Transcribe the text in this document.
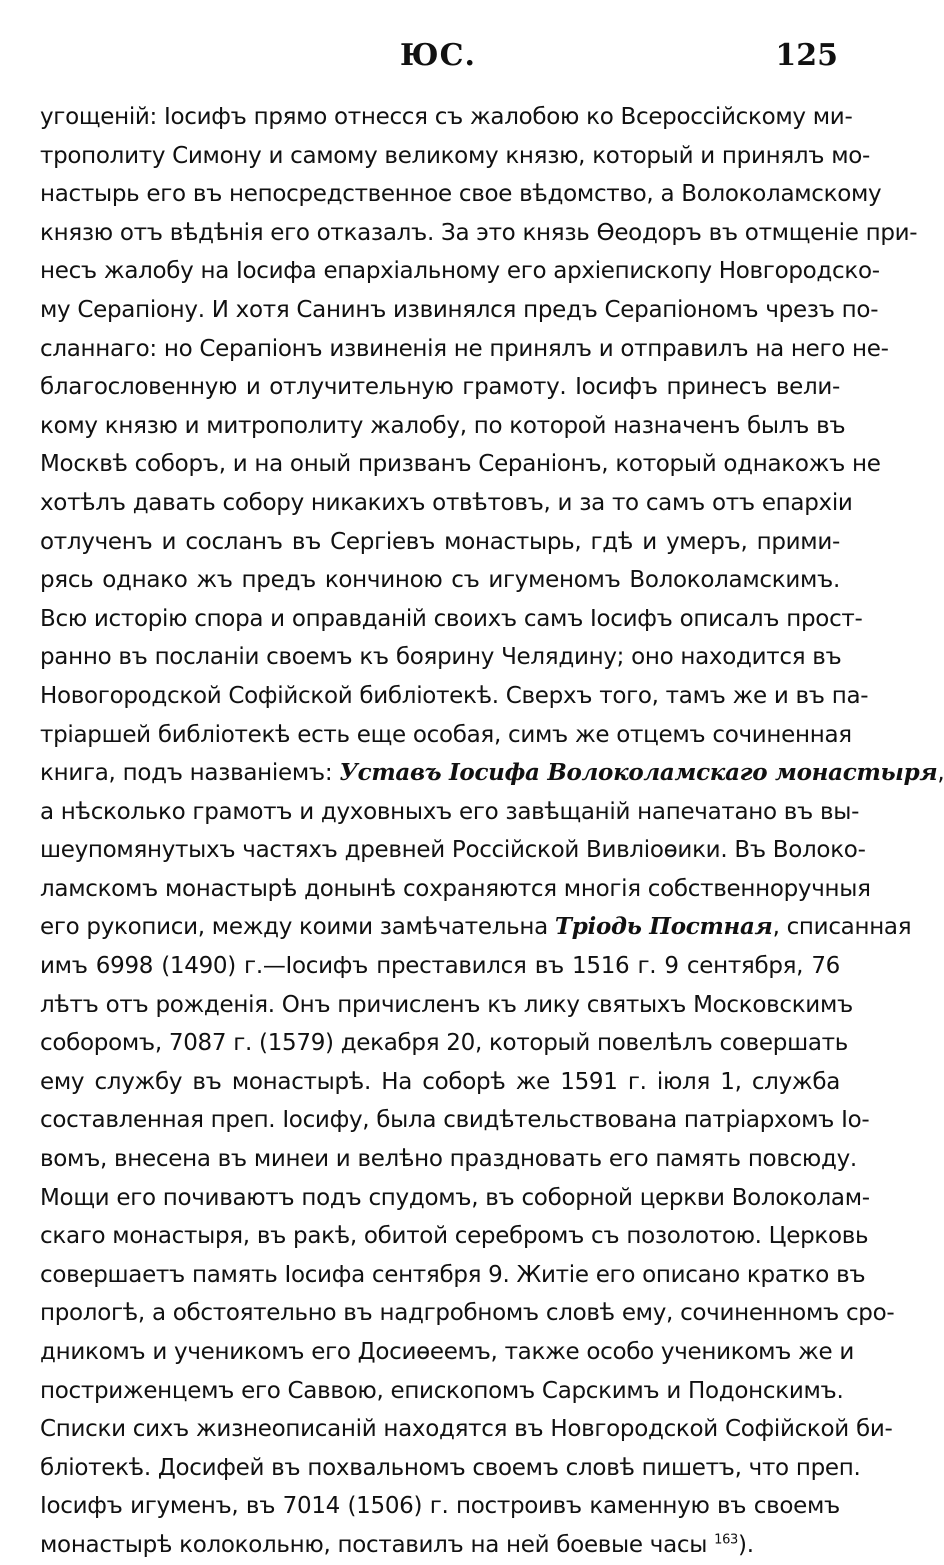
ЮС.	125
угощеній: Іосифъ прямо отнесся съ жалобою ко Всероссійскому ми-
трополиту Симону и самому великому князю, который и принялъ мо-
настырь его въ непосредственное свое вѣдомство, а Волоколамскому
князю отъ вѣдѣнія его отказалъ. За это князь Ѳеодоръ въ отмщеніе при-
несъ жалобу на Іосифа епархіальному его архіепископу Новгородско-
му Серапіону. И хотя Санинъ извинялся предъ Серапіономъ чрезъ по-
сланнаго: но Серапіонъ извиненія не принялъ и отправилъ на него не-
благословенную и отлучительную грамоту. Іосифъ принесъ вели-
кому князю и митрополиту жалобу, по которой назначенъ былъ въ
Москвѣ соборъ, и на оный призванъ Сераніонъ, который однакожъ не
хотѣлъ давать собору никакихъ отвѣтовъ, и за то самъ отъ епархіи
отлученъ и сосланъ въ Сергіевъ монастырь, гдѣ и умеръ, прими-
рясь однако жъ предъ кончиною съ игуменомъ Волоколамскимъ.
Всю исторію спора и оправданій своихъ самъ Іосифъ описалъ прост-
ранно въ посланіи своемъ къ боярину Челядину; оно находится въ
Новогородской Софійской библіотекѣ. Сверхъ того, тамъ же и въ па-
тріаршей библіотекѣ есть еще особая, симъ же отцемъ сочиненная
книга, подъ названіемъ: Уставъ Іосифа Волоколамскаго монастыря,
а нѣсколько грамотъ и духовныхъ его завѣщаній напечатано въ вы-
шеупомянутыхъ частяхъ древней Россійской Вивліоѳики. Въ Волоко-
ламскомъ монастырѣ донынѣ сохраняются многія собственноручныя
его рукописи, между коими замѣчательна Тріодь Постная, списанная
имъ 6998 (1490) г.—Іосифъ преставился въ 1516 г. 9 сентября, 76
лѣтъ отъ рожденія. Онъ причисленъ къ лику святыхъ Московскимъ
соборомъ, 7087 г. (1579) декабря 20, который повелѣлъ совершать
ему службу въ монастырѣ. На соборѣ же 1591 г. іюля 1, служба
составленная преп. Іосифу, была свидѣтельствована патріархомъ Іо-
вомъ, внесена въ минеи и велѣно праздновать его память повсюду.
Мощи его почиваютъ подъ спудомъ, въ соборной церкви Волоколам-
скаго монастыря, въ ракѣ, обитой серебромъ съ позолотою. Церковь
совершаетъ память Іосифа сентября 9. Житіе его описано кратко въ
прологѣ, а обстоятельно въ надгробномъ словѣ ему, сочиненномъ сро-
дникомъ и ученикомъ его Досиѳеемъ, также особо ученикомъ же и
постриженцемъ его Саввою, епископомъ Сарскимъ и Подонскимъ.
Списки сихъ жизнеописаній находятся въ Новгородской Софійской би-
бліотекѣ. Досифей въ похвальномъ своемъ словѣ пишетъ, что преп.
Іосифъ игуменъ, въ 7014 (1506) г. построивъ каменную въ своемъ
монастырѣ колокольню, поставилъ на ней боевые часы $^{163}$).
